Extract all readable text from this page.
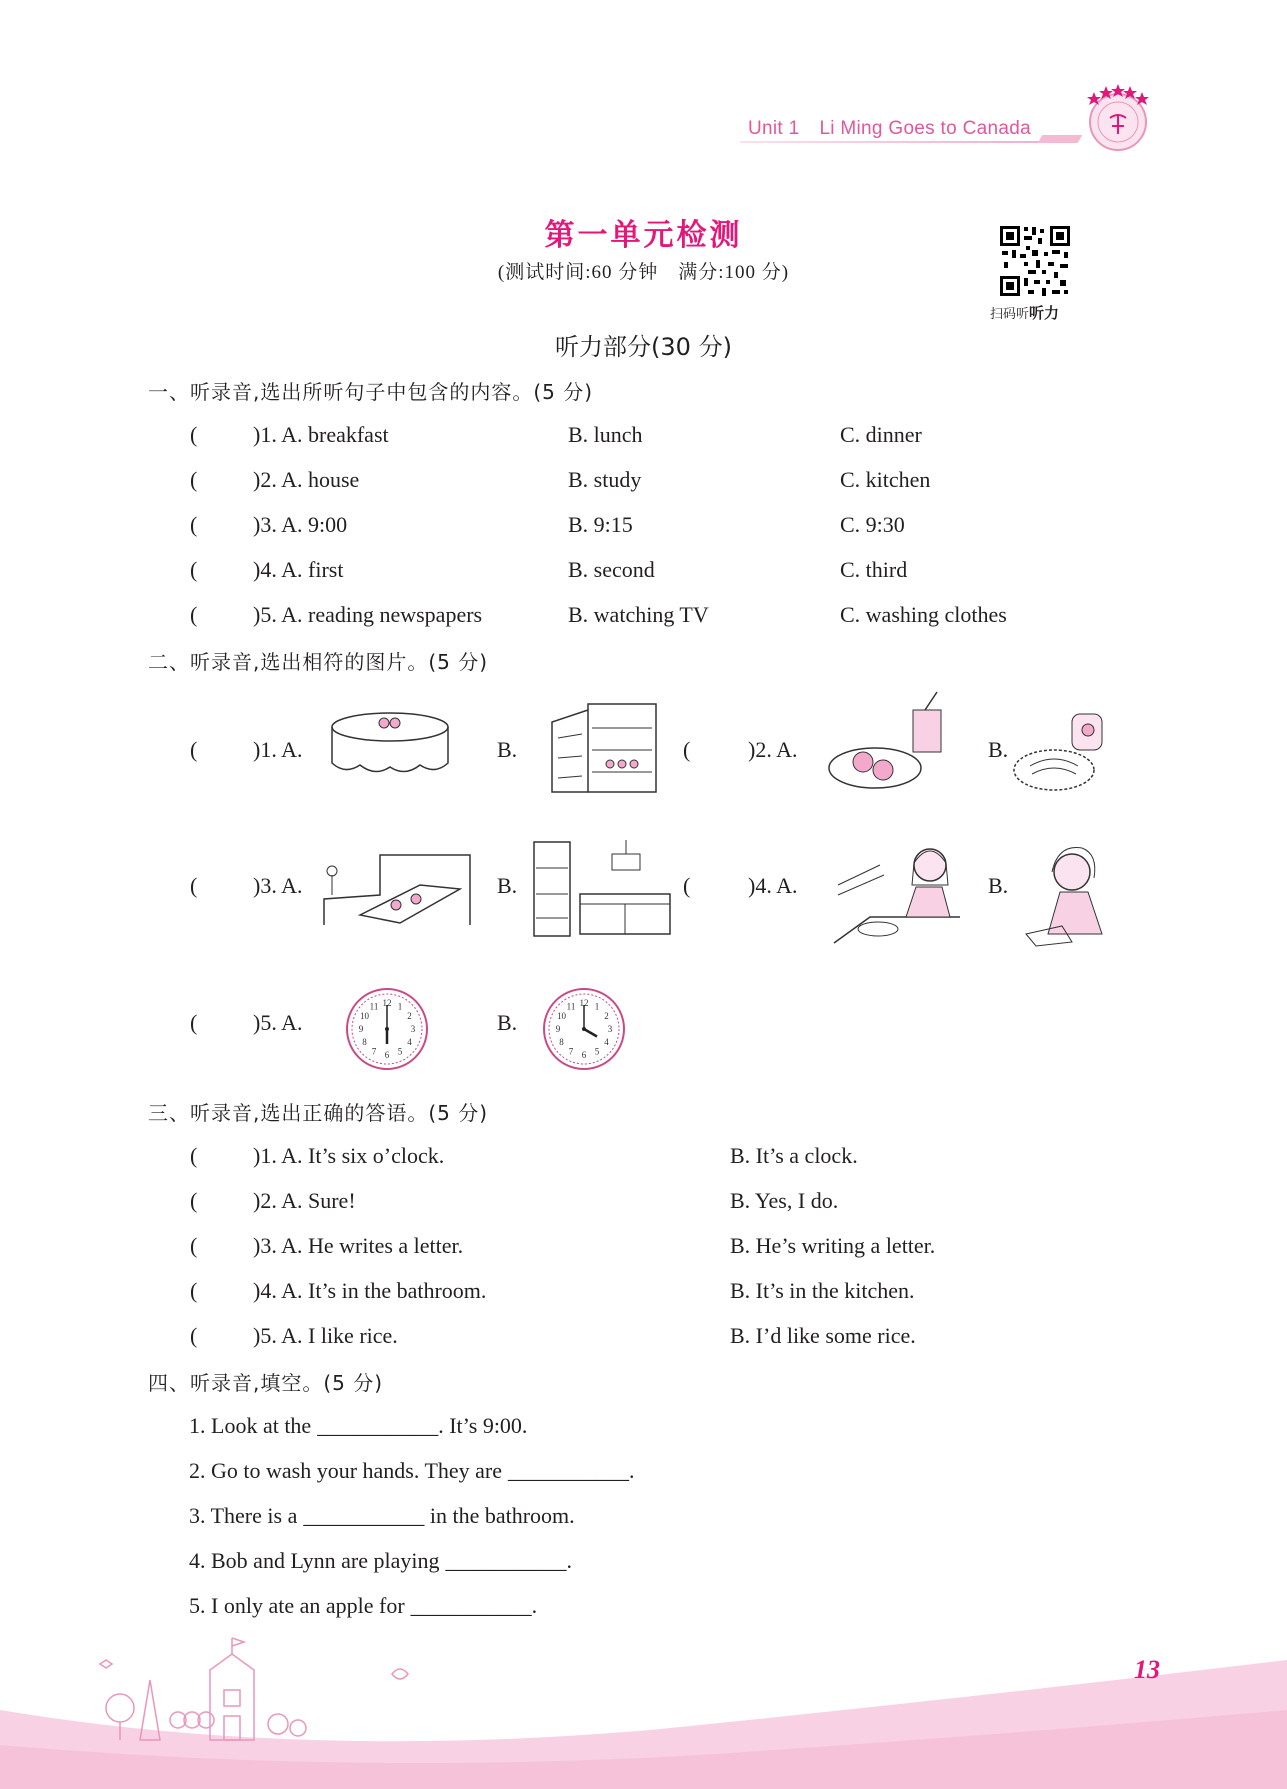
Unit 1 Li Ming Goes to Canada
第一单元检测
(测试时间:60 分钟　满分:100 分)
扫码听听力
听力部分(30 分)
一、听录音,选出所听句子中包含的内容。(5 分)
(	)1. A. breakfast	B. lunch	C. dinner
(	)2. A. house	B. study	C. kitchen
(	)3. A. 9:00	B. 9:15	C. 9:30
(	)4. A. first	B. second	C. third
(	)5. A. reading newspapers	B. watching TV	C. washing clothes
二、听录音,选出相符的图片。(5 分)
(	)1. A.	B.	(	)2. A.	B.
(	)3. A.	B.	(	)4. A.	B.
(	)5. A.
12 1
2
3
4
5
6
7
8
9
10
11
B.
12 1
2
3
4
5
6
7
8
9
10
11
三、听录音,选出正确的答语。(5 分)
(	)1. A. It’s six o’clock.	B. It’s a clock.
(	)2. A. Sure!	B. Yes, I do.
(	)3. A. He writes a letter.	B. He’s writing a letter.
(	)4. A. It’s in the bathroom.	B. It’s in the kitchen.
(	)5. A. I like rice.	B. I’d like some rice.
四、听录音,填空。(5 分)
1. Look at the ___________. It’s 9:00.
2. Go to wash your hands. They are ___________.
3. There is a ___________ in the bathroom.
4. Bob and Lynn are playing ___________.
5. I only ate an apple for ___________.
13
